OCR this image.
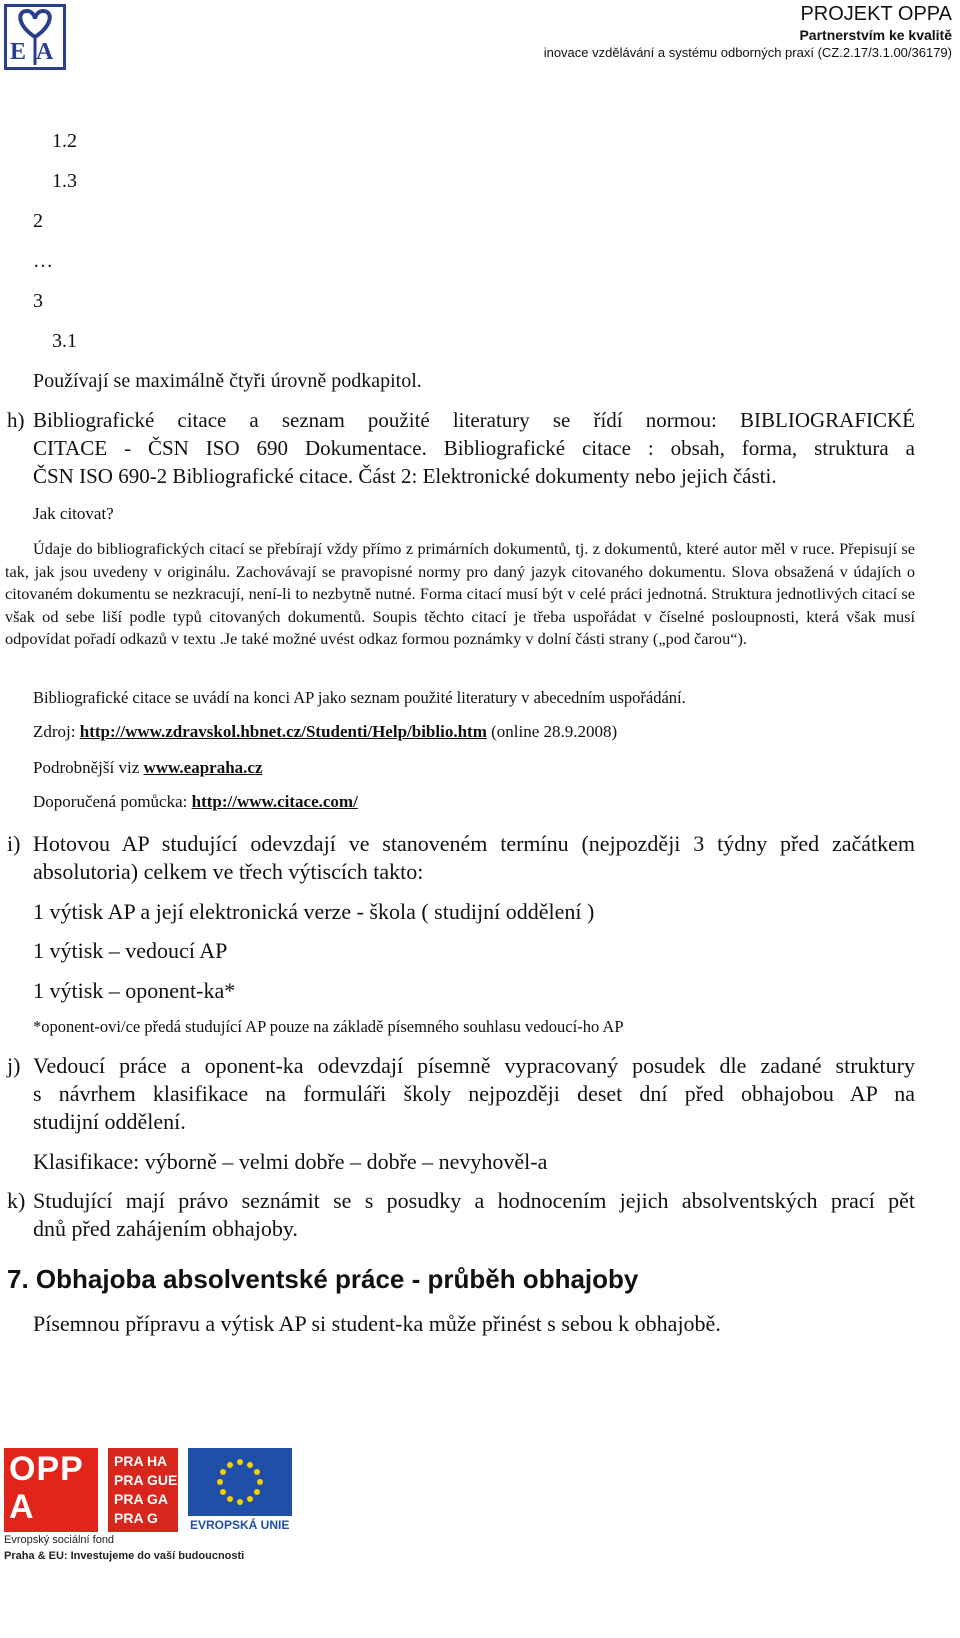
EA
PROJEKT OPPA
Partnerstvím ke kvalitě
inovace vzdělávání a systému odborných praxí (CZ.2.17/3.1.00/36179)
1.2
1.3
2
…
3
3.1
Používají se maximálně čtyři úrovně podkapitol.
h) Bibliografické citace a seznam použité literatury se řídí normou: BIBLIOGRAFICKÉ
CITACE - ČSN ISO 690 Dokumentace. Bibliografické citace : obsah, forma, struktura a
ČSN ISO 690-2 Bibliografické citace. Část 2: Elektronické dokumenty nebo jejich části.
Jak citovat?
Údaje do bibliografických citací se přebírají vždy přímo z primárních dokumentů, tj. z dokumentů, které autor měl v ruce. Přepisují se tak, jak jsou uvedeny v originálu. Zachovávají se pravopisné normy pro daný jazyk citovaného dokumentu. Slova obsažená v údajích o citovaném dokumentu se nezkracují, není-li to nezbytně nutné. Forma citací musí být v celé práci jednotná. Struktura jednotlivých citací se však od sebe liší podle typů citovaných dokumentů. Soupis těchto citací je třeba uspořádat v číselné posloupnosti, která však musí odpovídat pořadí odkazů v textu .Je také možné uvést odkaz formou poznámky v dolní části strany („pod čarou“).
Bibliografické citace se uvádí na konci AP jako seznam použité literatury v abecedním uspořádání.
Zdroj: http://www.zdravskol.hbnet.cz/Studenti/Help/biblio.htm (online 28.9.2008)
Podrobnější viz www.eapraha.cz
Doporučená pomůcka: http://www.citace.com/
i) Hotovou AP studující odevzdají ve stanoveném termínu (nejpozději 3 týdny před začátkem
absolutoria) celkem ve třech výtiscích takto:
1 výtisk AP a její elektronická verze - škola ( studijní oddělení )
1 výtisk – vedoucí AP
1 výtisk – oponent-ka*
*oponent-ovi/ce předá studující AP pouze na základě písemného souhlasu vedoucí-ho AP
j) Vedoucí práce a oponent-ka odevzdají písemně vypracovaný posudek dle zadané struktury
s návrhem klasifikace na formuláři školy nejpozději deset dní před obhajobou AP na
studijní oddělení.
Klasifikace: výborně – velmi dobře – dobře – nevyhověl-a
k) Studující mají právo seznámit se s posudky a hodnocením jejich absolventských prací pět
dnů před zahájením obhajoby.
7. Obhajoba absolventské práce - průběh obhajoby
Písemnou přípravu a výtisk AP si student-ka může přinést s sebou k obhajobě.
OPPA
PRA HA
PRA GUE
PRA GA
PRA G	EVROPSKÁ UNIE
Evropský sociální fond
Praha & EU: Investujeme do vaší budoucnosti
